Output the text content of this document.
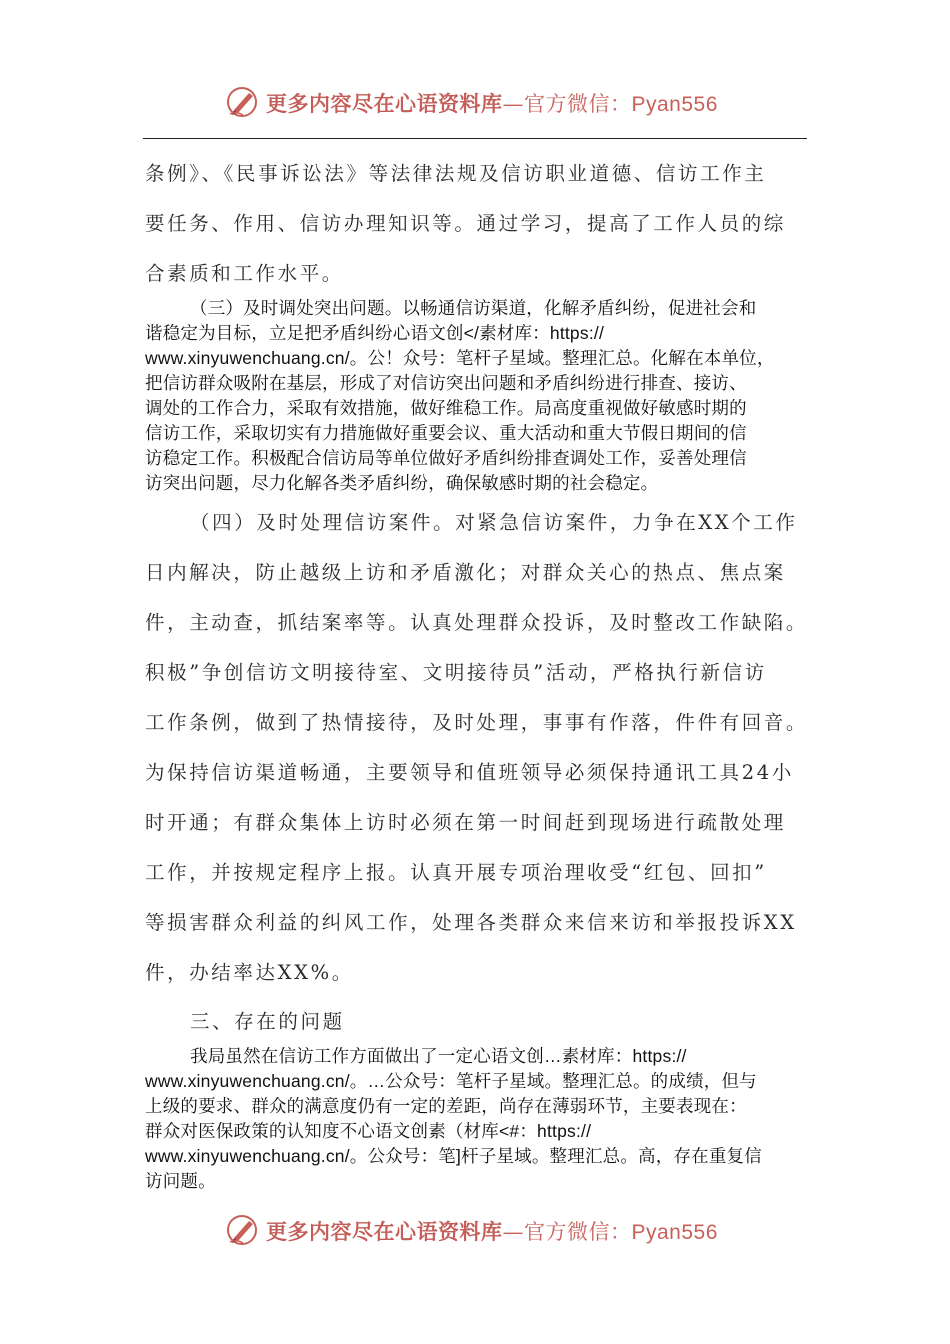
更多内容尽在心语资料库—官方微信：Pyan556
条例》、《民事诉讼法》等法律法规及信访职业道德、信访工作主
要任务、作用、信访办理知识等。通过学习，提高了工作人员的综
合素质和工作水平。
（三）及时调处突出问题。以畅通信访渠道，化解矛盾纠纷，促进社会和
谐稳定为目标，立足把矛盾纠纷心语文创</素材库：https://
www.xinyuwenchuang.cn/。公！众号：笔杆子星域。整理汇总。化解在本单位，
把信访群众吸附在基层，形成了对信访突出问题和矛盾纠纷进行排查、接访、
调处的工作合力，采取有效措施，做好维稳工作。局高度重视做好敏感时期的
信访工作，采取切实有力措施做好重要会议、重大活动和重大节假日期间的信
访稳定工作。积极配合信访局等单位做好矛盾纠纷排查调处工作，妥善处理信
访突出问题，尽力化解各类矛盾纠纷，确保敏感时期的社会稳定。
（四）及时处理信访案件。对紧急信访案件，力争在XX个工作
日内解决，防止越级上访和矛盾激化；对群众关心的热点、焦点案
件，主动查，抓结案率等。认真处理群众投诉，及时整改工作缺陷。
积极”争创信访文明接待室、文明接待员”活动，严格执行新信访
工作条例，做到了热情接待，及时处理，事事有作落，件件有回音。
为保持信访渠道畅通，主要领导和值班领导必须保持通讯工具24小
时开通；有群众集体上访时必须在第一时间赶到现场进行疏散处理
工作，并按规定程序上报。认真开展专项治理收受“红包、回扣”
等损害群众利益的纠风工作，处理各类群众来信来访和举报投诉XX
件，办结率达XX%。
三、存在的问题
我局虽然在信访工作方面做出了一定心语文创…素材库：https://
www.xinyuwenchuang.cn/。…公众号：笔杆子星域。整理汇总。的成绩，但与
上级的要求、群众的满意度仍有一定的差距，尚存在薄弱环节，主要表现在：
群众对医保政策的认知度不心语文创素（材库<#：https://
www.xinyuwenchuang.cn/。公众号：笔]杆子星域。整理汇总。高，存在重复信
访问题。
更多内容尽在心语资料库—官方微信：Pyan556
